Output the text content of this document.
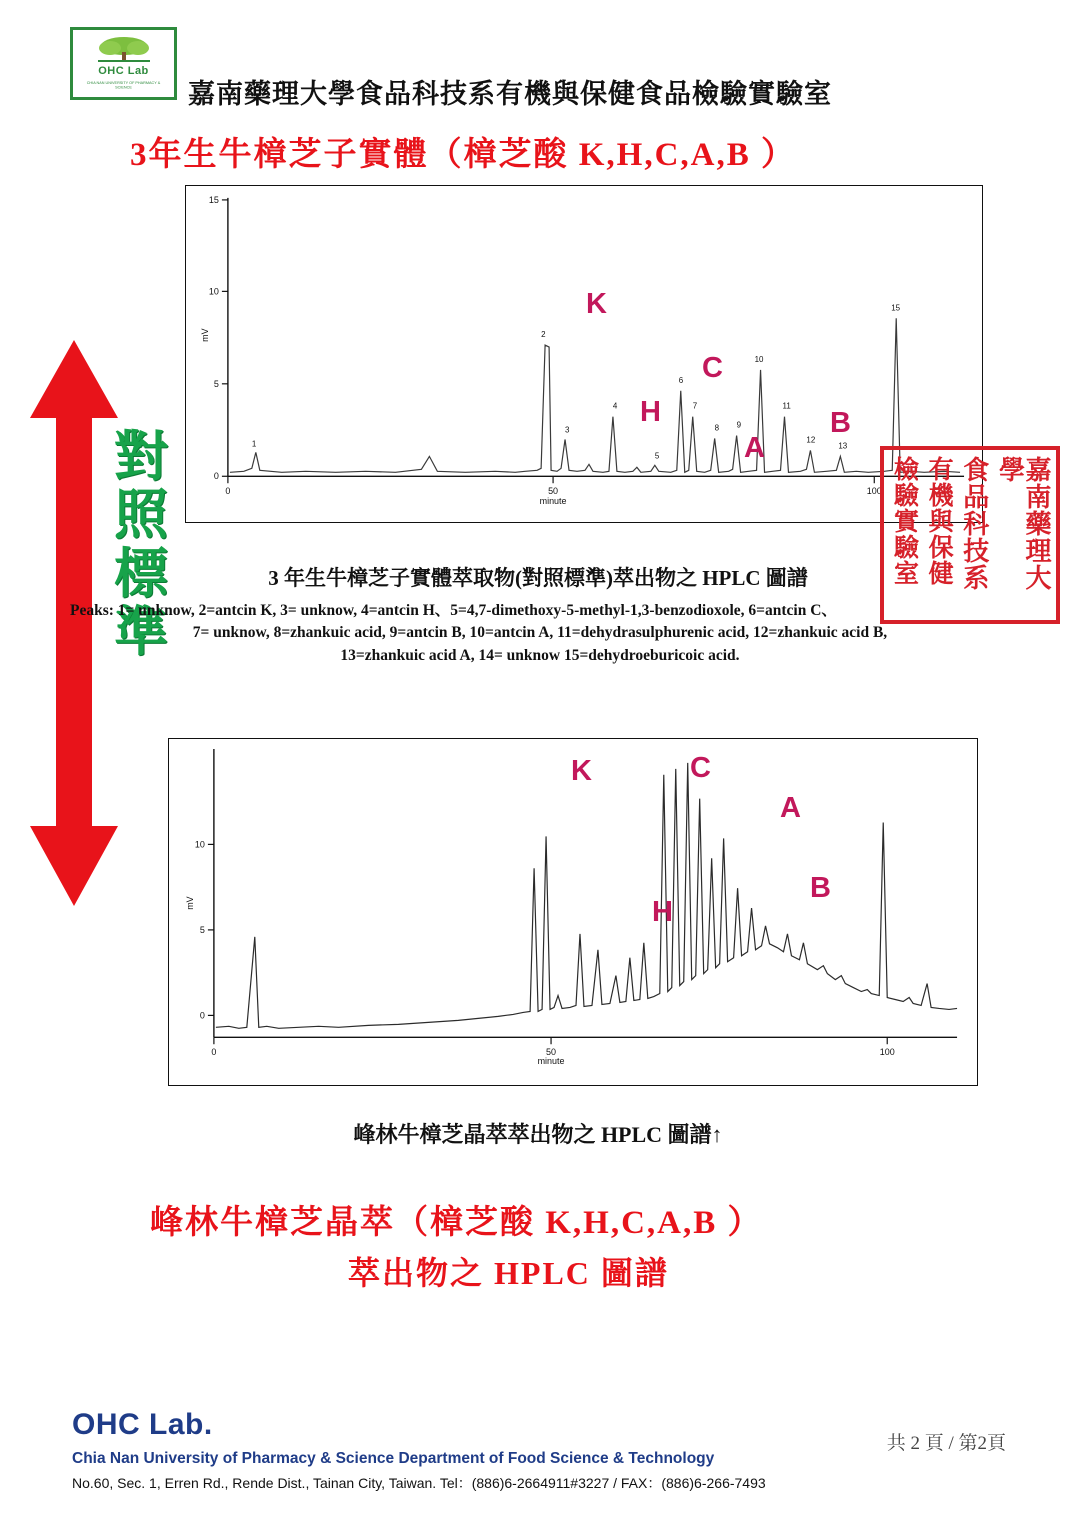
OHC Lab
CHIA NAN UNIVERSITY OF PHARMACY & SCIENCE	嘉南藥理大學食品科技系有機與保健食品檢驗實驗室
3年生牛樟芝子實體（樟芝酸 K,H,C,A,B ）
對
照
標
準
0
5
10
15
mV
0	50	100
minute
1
2
3
4
5
6
7
8 9
10
11
12
13
15
K
H
C
A
B
3 年生牛樟芝子實體萃取物(對照標準)萃出物之 HPLC 圖譜
Peaks: 1= unknow, 2=antcin K, 3= unknow, 4=antcin H、5=4,7-dimethoxy-5-methyl-1,3-benzodioxole, 6=antcin C、
7= unknow, 8=zhankuic acid, 9=antcin B, 10=antcin A, 11=dehydrasulphurenic acid, 12=zhankuic acid B,
13=zhankuic acid A, 14= unknow 15=dehydroeburicoic acid.
嘉南藥理大學
食品科技系
有機與保健
檢驗實驗室
0
5
10
mV
0	50	100
minute
K
H
C
A
B
峰林牛樟芝晶萃萃出物之 HPLC 圖譜↑
峰林牛樟芝晶萃（樟芝酸 K,H,C,A,B ）
萃出物之 HPLC 圖譜
OHC Lab.
Chia Nan University of Pharmacy & Science Department of Food Science & Technology
No.60, Sec. 1, Erren Rd., Rende Dist., Tainan City, Taiwan. Tel：(886)6-2664911#3227 / FAX：(886)6-266-7493
共 2 頁 / 第2頁
